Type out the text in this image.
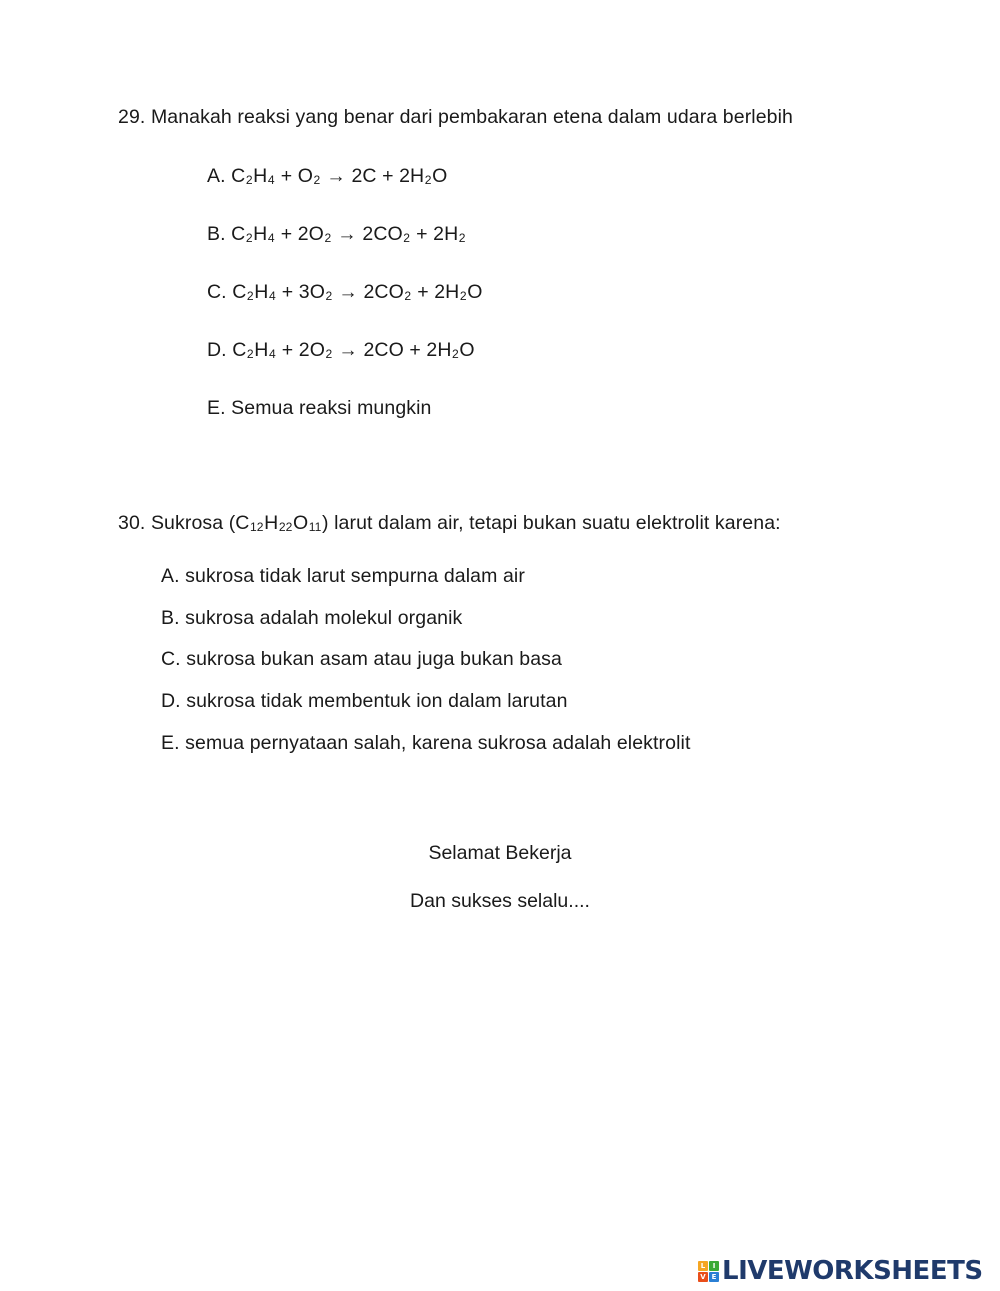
29. Manakah reaksi yang benar dari pembakaran etena dalam udara berlebih
A. $C_2H_4 + O_2 \to 2C + 2H_2O$
B. $C_2H_4 + 2O_2 \to 2CO_2 + 2H_2$
C. $C_2H_4 + 3O_2 \to 2CO_2 + 2H_2O$
D. $C_2H_4 + 2O_2 \to 2CO + 2H_2O$
E. Semua reaksi mungkin
30. Sukrosa $(C_{12}H_{22}O_{11})$ larut dalam air, tetapi bukan suatu elektrolit karena:
A. sukrosa tidak larut sempurna dalam air
B. sukrosa adalah molekul organik
C. sukrosa bukan asam atau juga bukan basa
D. sukrosa tidak membentuk ion dalam larutan
E. semua pernyataan salah, karena sukrosa adalah elektrolit
Selamat Bekerja
Dan sukses selalu....
L	I
V E LIVEWORKSHEETS
